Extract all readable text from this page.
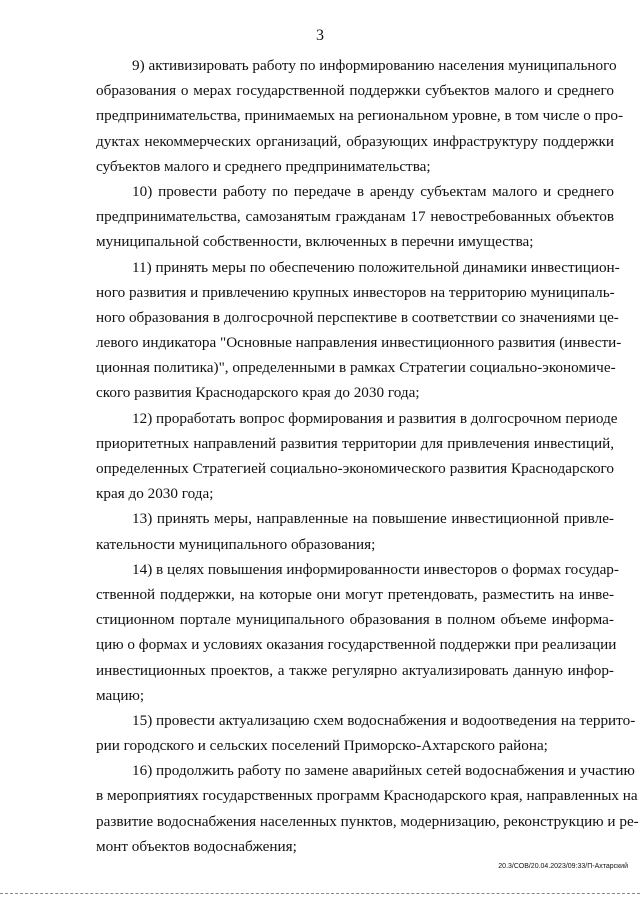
3

9) активизировать работу по информированию населения муниципального
образования о мерах государственной поддержки субъектов малого и среднего
предпринимательства, принимаемых на региональном уровне, в том числе о про-
дуктах некоммерческих организаций, образующих инфраструктуру поддержки
субъектов малого и среднего предпринимательства;

10) провести работу по передаче в аренду субъектам малого и среднего
предпринимательства, самозанятым гражданам 17 невостребованных объектов
муниципальной собственности, включенных в перечни имущества;

11) принять меры по обеспечению положительной динамики инвестицион-
ного развития и привлечению крупных инвесторов на территорию муниципаль-
ного образования в долгосрочной перспективе в соответствии со значениями це-
левого индикатора "Основные направления инвестиционного развития (инвести-
ционная политика)", определенными в рамках Стратегии социально-экономиче-
ского развития Краснодарского края до 2030 года;

12) проработать вопрос формирования и развития в долгосрочном периоде
приоритетных направлений развития территории для привлечения инвестиций,
определенных Стратегией социально-экономического развития Краснодарского
края до 2030 года;

13) принять меры, направленные на повышение инвестиционной привле-
кательности муниципального образования;

14) в целях повышения информированности инвесторов о формах государ-
ственной поддержки, на которые они могут претендовать, разместить на инве-
стиционном портале муниципального образования в полном объеме информа-
цию о формах и условиях оказания государственной поддержки при реализации
инвестиционных проектов, а также регулярно актуализировать данную инфор-
мацию;

15) провести актуализацию схем водоснабжения и водоотведения на террито-
рии городского и сельских поселений Приморско-Ахтарского района;

16) продолжить работу по замене аварийных сетей водоснабжения и участию
в мероприятиях государственных программ Краснодарского края, направленных на
развитие водоснабжения населенных пунктов, модернизацию, реконструкцию и ре-
монт объектов водоснабжения;

20.3/СОВ/20.04.2023/09:33/П-Ахтарский
